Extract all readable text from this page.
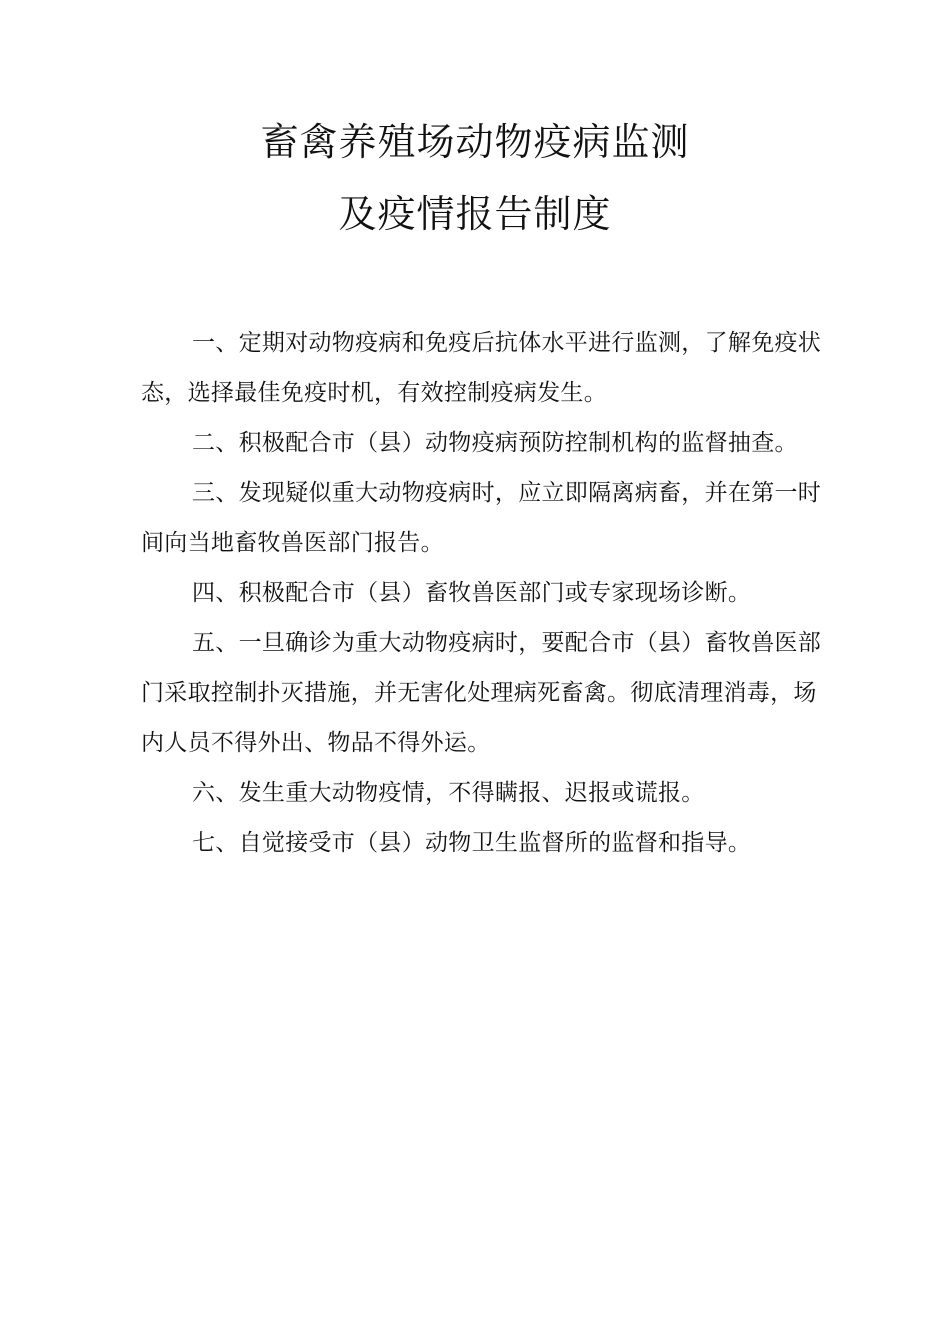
畜禽养殖场动物疫病监测
及疫情报告制度

一、定期对动物疫病和免疫后抗体水平进行监测，了解免疫状态，选择最佳免疫时机，有效控制疫病发生。

二、积极配合市（县）动物疫病预防控制机构的监督抽查。

三、发现疑似重大动物疫病时，应立即隔离病畜，并在第一时间向当地畜牧兽医部门报告。

四、积极配合市（县）畜牧兽医部门或专家现场诊断。

五、一旦确诊为重大动物疫病时，要配合市（县）畜牧兽医部门采取控制扑灭措施，并无害化处理病死畜禽。彻底清理消毒，场内人员不得外出、物品不得外运。

六、发生重大动物疫情，不得瞒报、迟报或谎报。

七、自觉接受市（县）动物卫生监督所的监督和指导。
